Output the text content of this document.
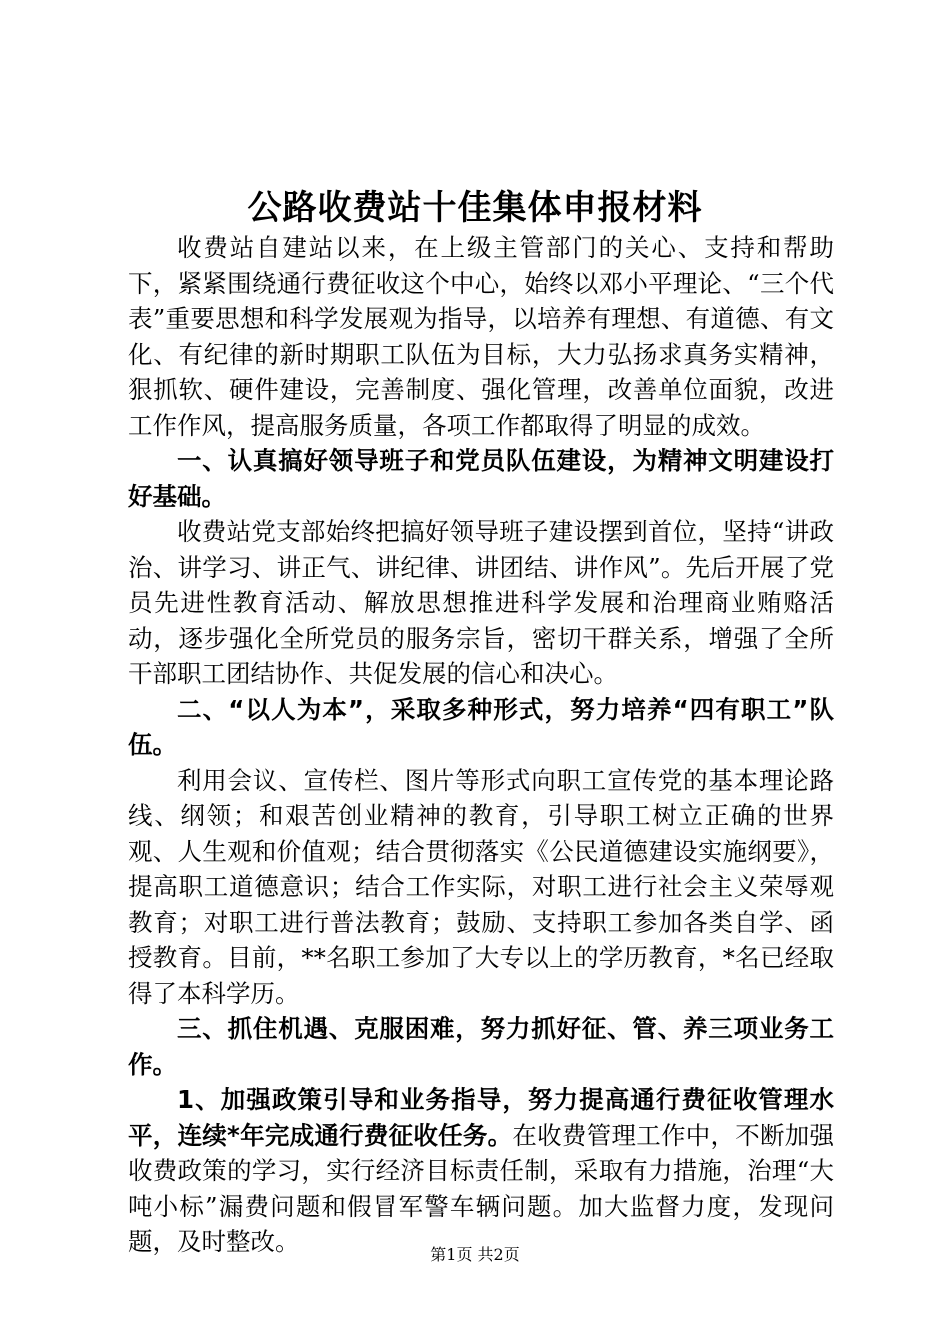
公路收费站十佳集体申报材料

收费站自建站以来，在上级主管部门的关心、支持和帮助下，紧紧围绕通行费征收这个中心，始终以邓小平理论、“三个代表”重要思想和科学发展观为指导，以培养有理想、有道德、有文化、有纪律的新时期职工队伍为目标，大力弘扬求真务实精神，狠抓软、硬件建设，完善制度、强化管理，改善单位面貌，改进工作作风，提高服务质量，各项工作都取得了明显的成效。

一、认真搞好领导班子和党员队伍建设，为精神文明建设打好基础。

收费站党支部始终把搞好领导班子建设摆到首位，坚持“讲政治、讲学习、讲正气、讲纪律、讲团结、讲作风”。先后开展了党员先进性教育活动、解放思想推进科学发展和治理商业贿赂活动，逐步强化全所党员的服务宗旨，密切干群关系，增强了全所干部职工团结协作、共促发展的信心和决心。

二、“以人为本”，采取多种形式，努力培养“四有职工”队伍。

利用会议、宣传栏、图片等形式向职工宣传党的基本理论路线、纲领；和艰苦创业精神的教育，引导职工树立正确的世界观、人生观和价值观；结合贯彻落实《公民道德建设实施纲要》，提高职工道德意识；结合工作实际，对职工进行社会主义荣辱观教育；对职工进行普法教育；鼓励、支持职工参加各类自学、函授教育。目前，**名职工参加了大专以上的学历教育，*名已经取得了本科学历。

三、抓住机遇、克服困难，努力抓好征、管、养三项业务工作。

1、加强政策引导和业务指导，努力提高通行费征收管理水平，连续*年完成通行费征收任务。在收费管理工作中，不断加强收费政策的学习，实行经济目标责任制，采取有力措施，治理“大吨小标”漏费问题和假冒军警车辆问题。加大监督力度，发现问题，及时整改。	第1页 共2页
